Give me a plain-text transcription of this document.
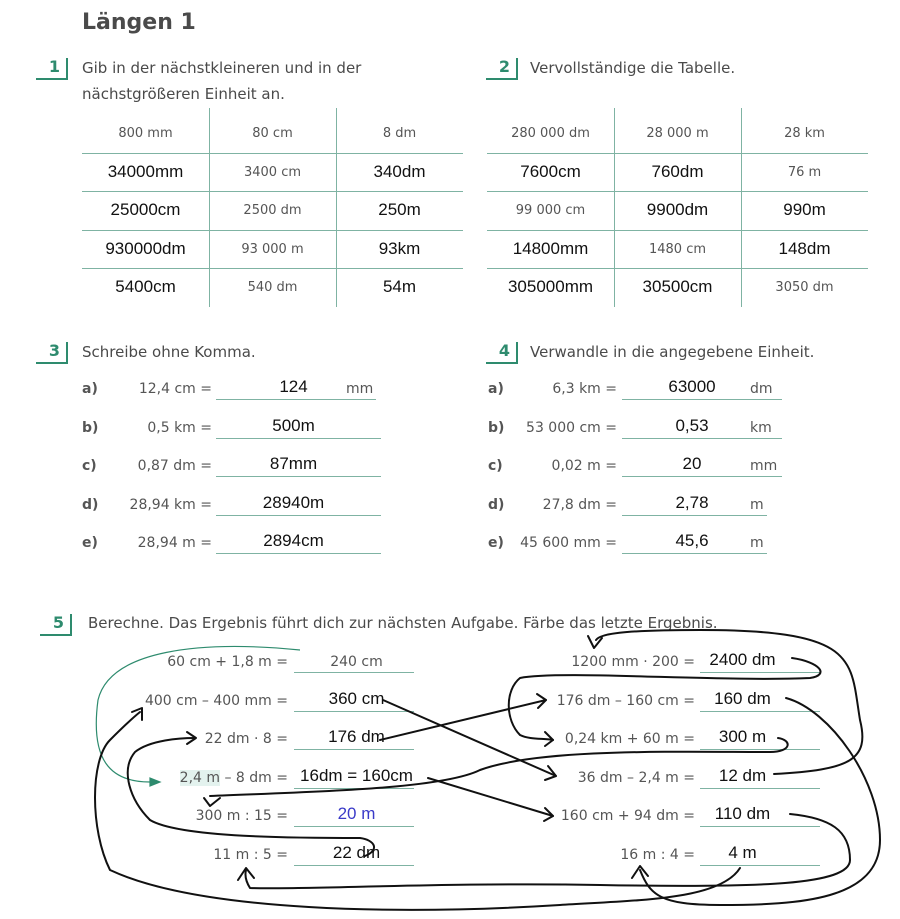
Längen 1
1	Gib in der nächstkleineren und in der
nächstgrößeren Einheit an.
800 mm	80 cm	8 dm
34000mm	3400 cm	340dm
25000cm	2500 dm	250m
930000dm	93 000 m	93km
5400cm	540 dm	54m
2	Vervollständige die Tabelle.
280 000 dm	28 000 m	28 km
7600cm	760dm	76 m
99 000 cm	9900dm	990m
14800mm	1480 cm	148dm
305000mm	30500cm	3050 dm
3	Schreibe ohne Komma.
a)	12,4 cm =	124	mm
b)	0,5 km =	500m
c)	0,87 dm =	87mm
d)	28,94 km =	28940m
e)	28,94 m =	2894cm
4	Verwandle in die angegebene Einheit.
a)	6,3 km =	63000	dm
b)	53 000 cm =	0,53	km
c)	0,02 m =	20	mm
d)	27,8 dm =	2,78	m
e)	45 600 mm =	45,6	m
5	Berechne. Das Ergebnis führt dich zur nächsten Aufgabe. Färbe das letzte Ergebnis.
60 cm + 1,8 m =	240 cm
400 cm – 400 mm =	360 cm
22 dm · 8 =	176 dm
2,4 m – 8 dm = 16dm = 160cm
300 m : 15 =	20 m
11 m : 5 =	22 dm
1200 mm · 200 = 2400 dm
176 dm – 160 cm =	160 dm
0,24 km + 60 m =	300 m
36 dm – 2,4 m =	12 dm
160 cm + 94 dm =	110 dm
16 m : 4 =	4 m
